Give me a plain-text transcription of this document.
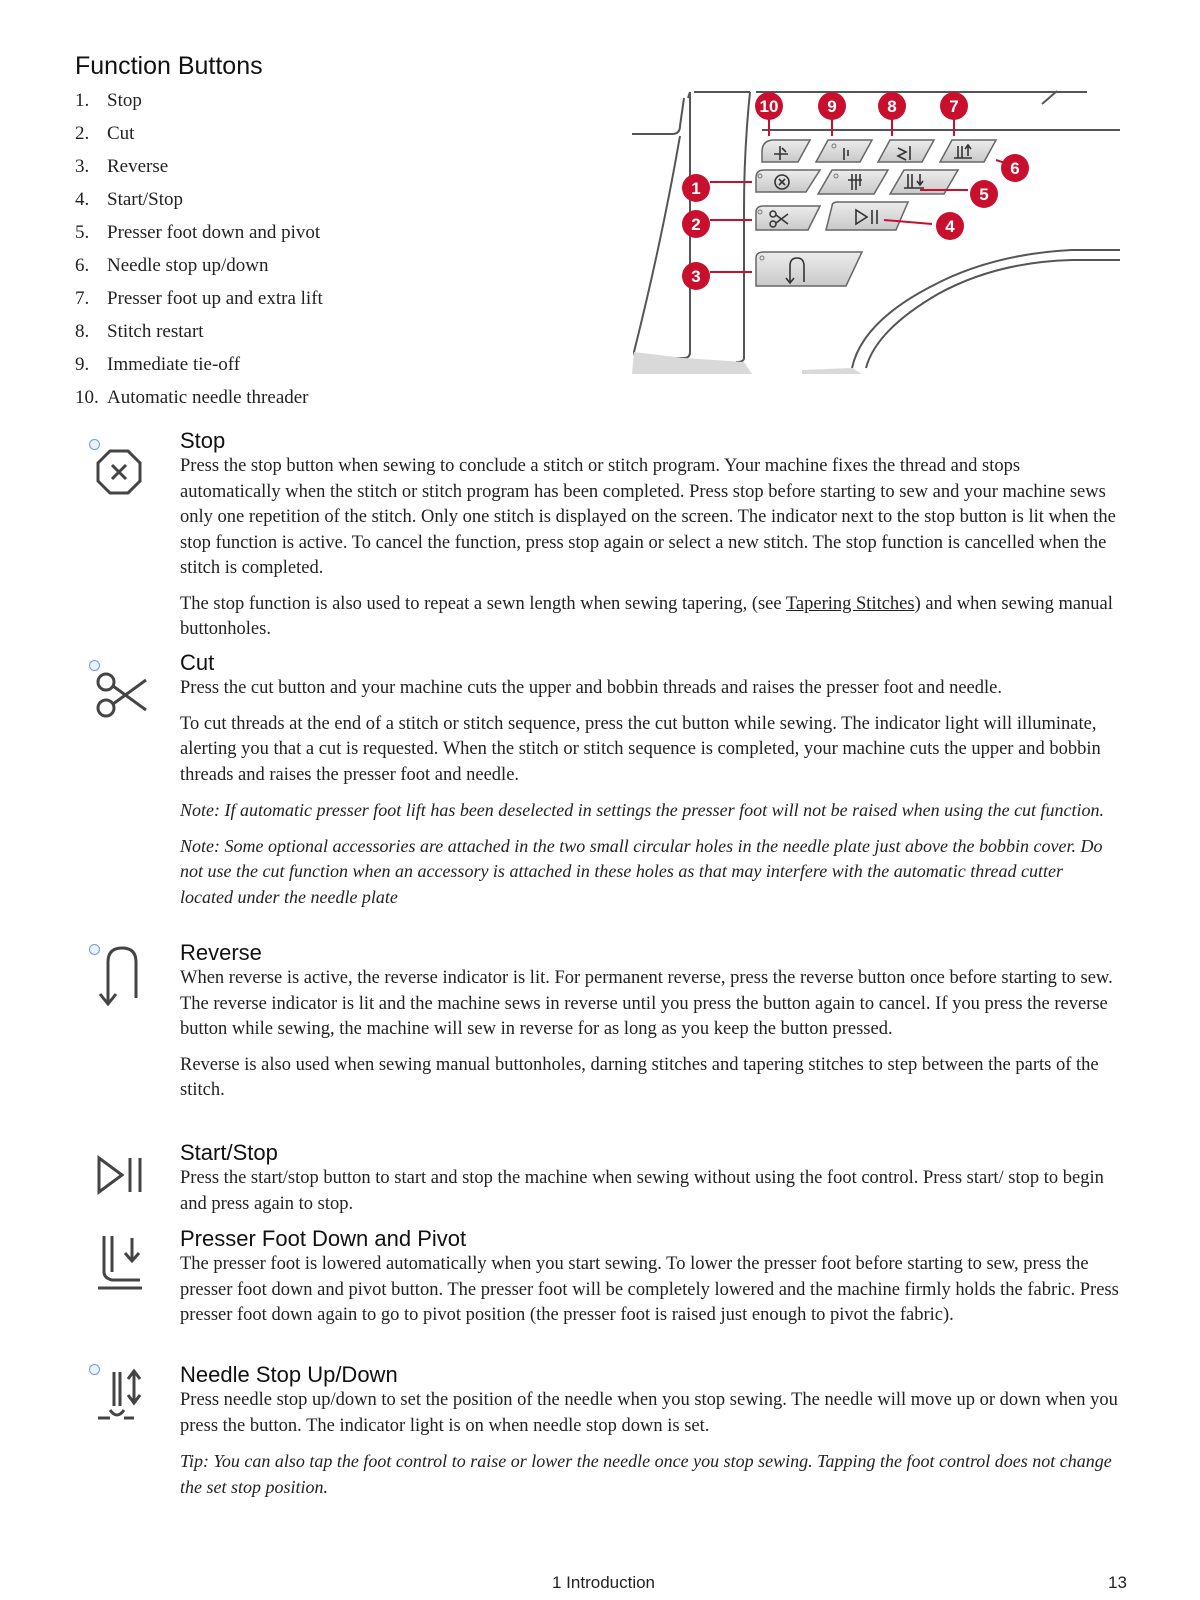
Function Buttons
1. Stop
2. Cut
3. Reverse
4. Start/Stop
5. Presser foot down and pivot
6. Needle stop up/down
7. Presser foot up and extra lift
8. Stitch restart
9. Immediate tie-off
10. Automatic needle threader
10	9	8	7
6
5
4
1
2
3
Stop

Press the stop button when sewing to conclude a stitch or stitch program. Your machine fixes the thread and stops automatically when the stitch or stitch program has been completed. Press stop before starting to sew and your machine sews only one repetition of the stitch. Only one stitch is displayed on the screen. The indicator next to the stop button is lit when the stop function is active. To cancel the function, press stop again or select a new stitch. The stop function is cancelled when the stitch is completed.

The stop function is also used to repeat a sewn length when sewing tapering, (see Tapering Stitches) and when sewing manual buttonholes.

Cut

Press the cut button and your machine cuts the upper and bobbin threads and raises the presser foot and needle.

To cut threads at the end of a stitch or stitch sequence, press the cut button while sewing. The indicator light will illuminate, alerting you that a cut is requested. When the stitch or stitch sequence is completed, your machine cuts the upper and bobbin threads and raises the presser foot and needle.

Note: If automatic presser foot lift has been deselected in settings the presser foot will not be raised when using the cut function.

Note: Some optional accessories are attached in the two small circular holes in the needle plate just above the bobbin cover. Do not use the cut function when an accessory is attached in these holes as that may interfere with the automatic thread cutter located under the needle plate

Reverse

When reverse is active, the reverse indicator is lit. For permanent reverse, press the reverse button once before starting to sew. The reverse indicator is lit and the machine sews in reverse until you press the button again to cancel. If you press the reverse button while sewing, the machine will sew in reverse for as long as you keep the button pressed.

Reverse is also used when sewing manual buttonholes, darning stitches and tapering stitches to step between the parts of the stitch.

Start/Stop

Press the start/stop button to start and stop the machine when sewing without using the foot control. Press start/ stop to begin and press again to stop.

Presser Foot Down and Pivot

The presser foot is lowered automatically when you start sewing. To lower the presser foot before starting to sew, press the presser foot down and pivot button. The presser foot will be completely lowered and the machine firmly holds the fabric. Press presser foot down again to go to pivot position (the presser foot is raised just enough to pivot the fabric).

Needle Stop Up/Down

Press needle stop up/down to set the position of the needle when you stop sewing. The needle will move up or down when you press the button. The indicator light is on when needle stop down is set.

Tip: You can also tap the foot control to raise or lower the needle once you stop sewing. Tapping the foot control does not change the set stop position.

1 Introduction	13
